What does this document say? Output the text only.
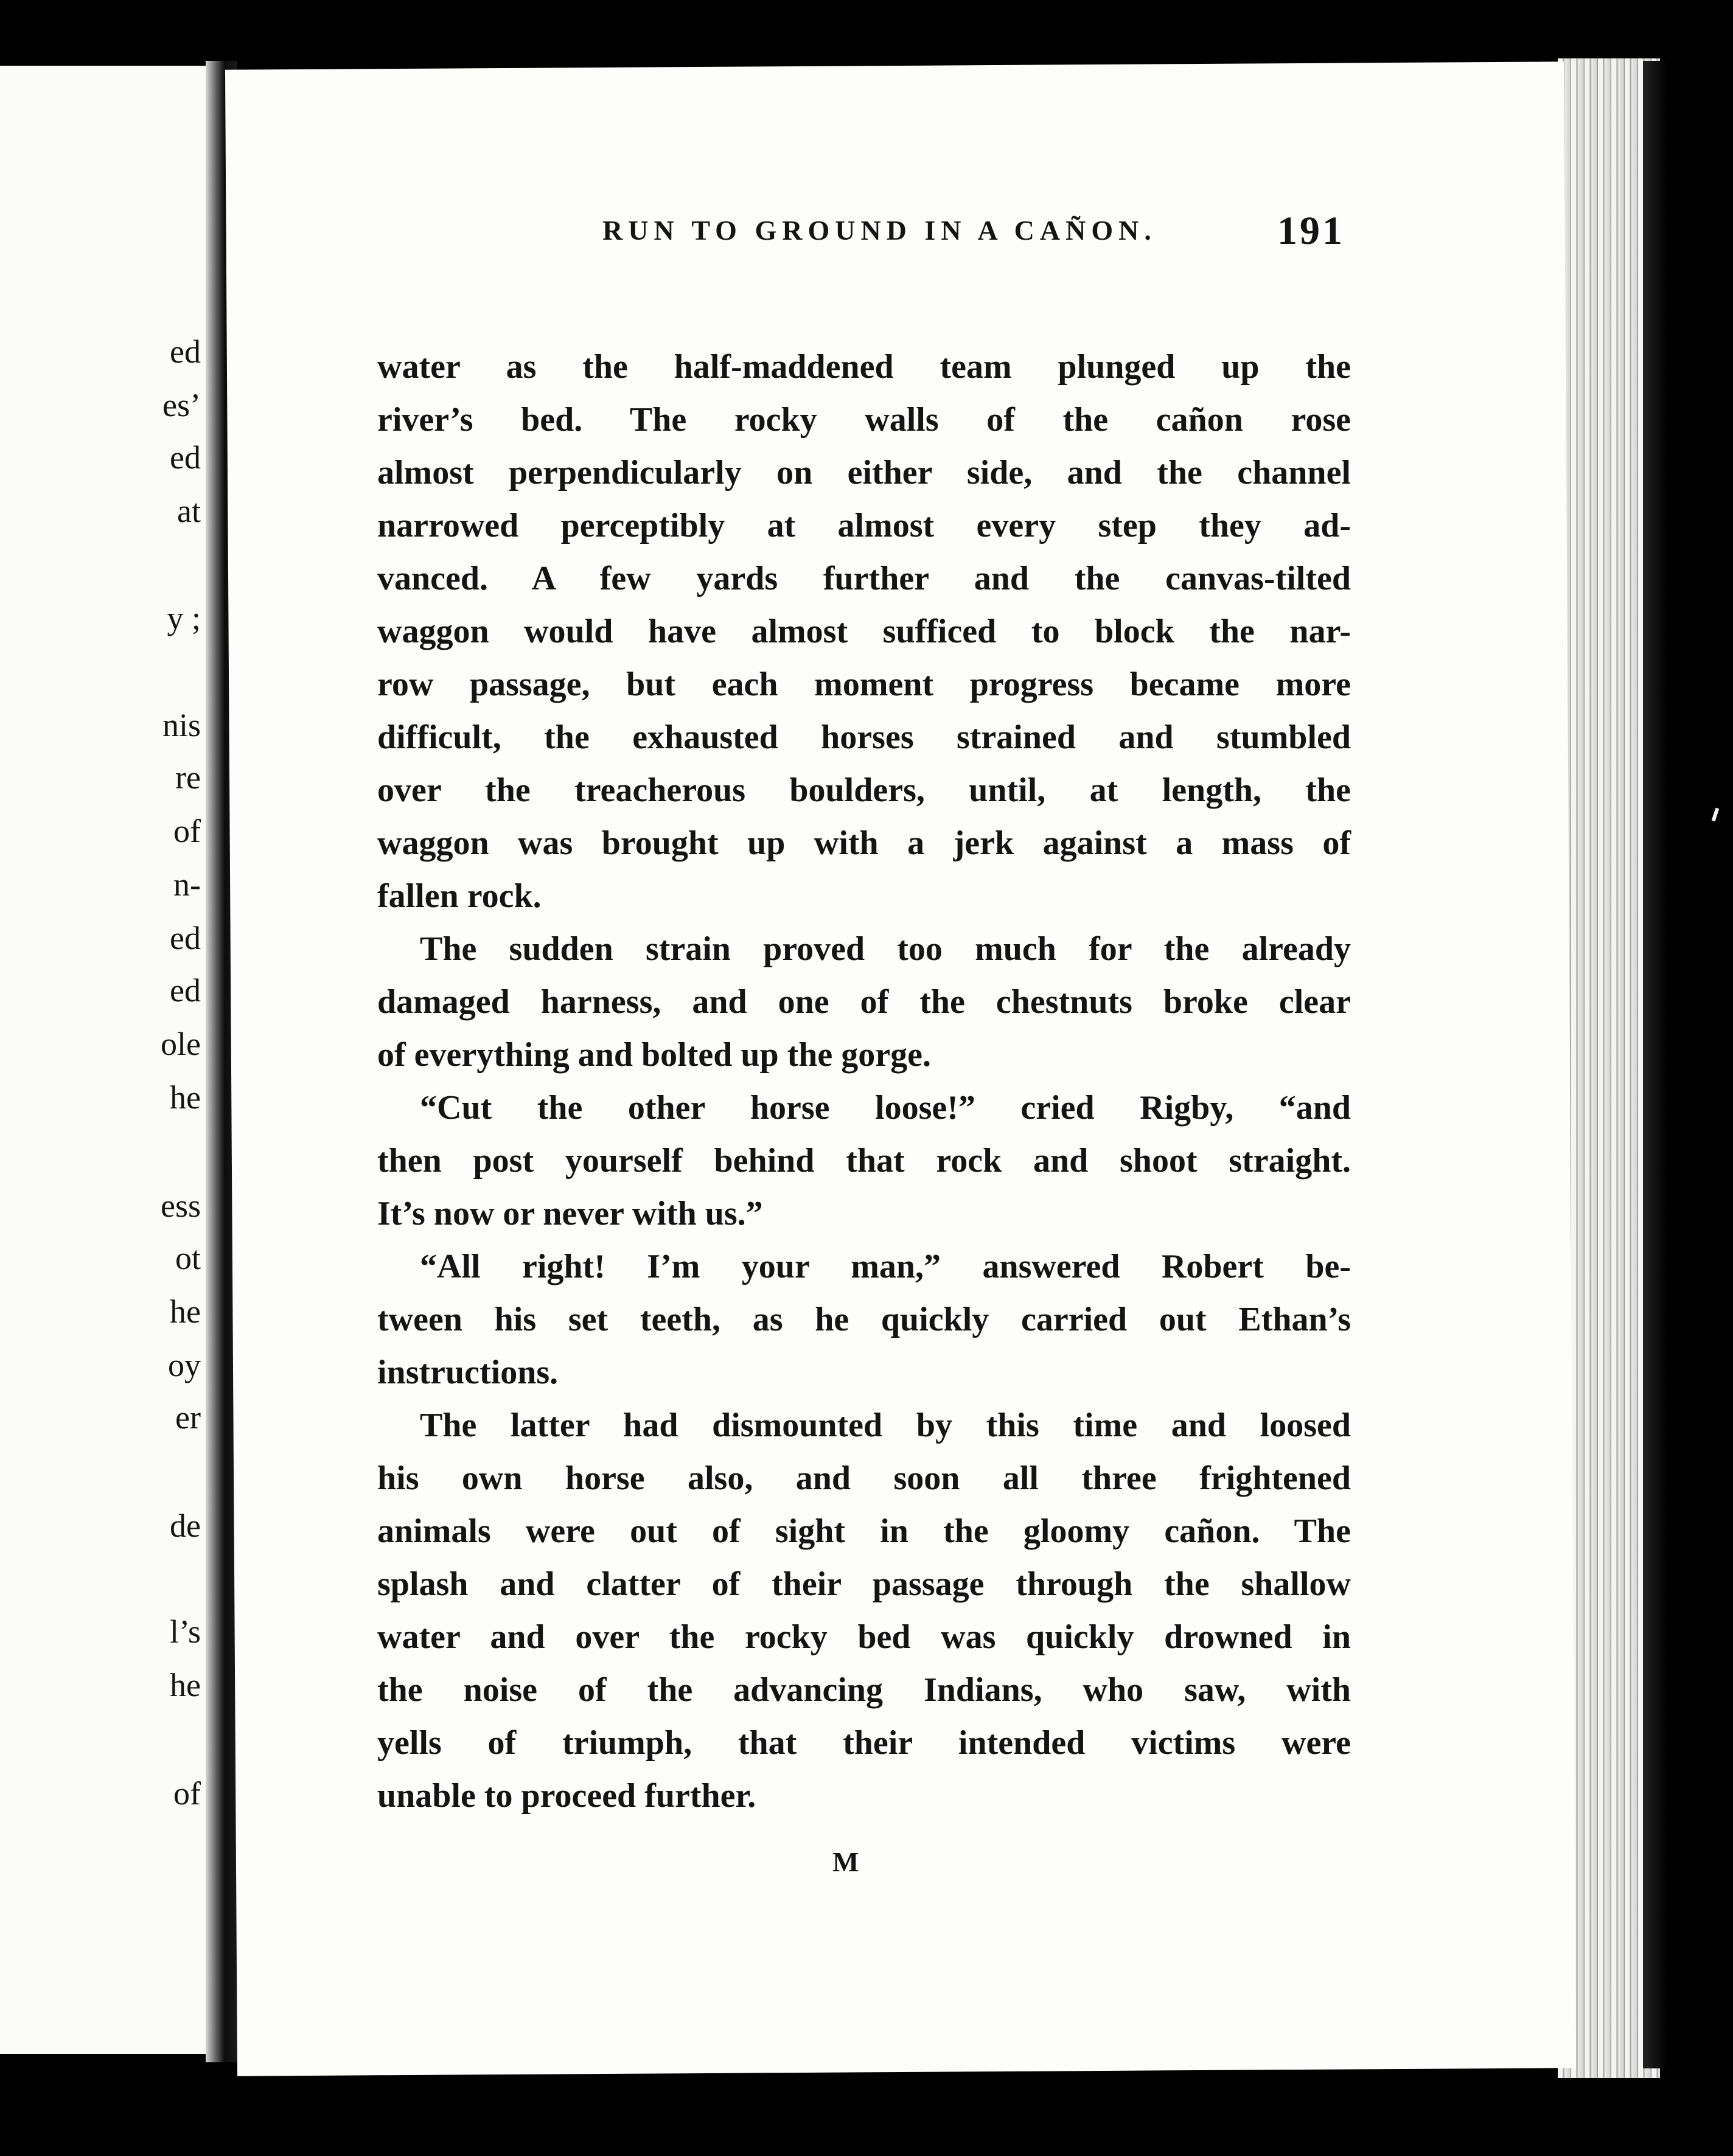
ed
es’
ed
at
y ;
nis
re
of
n-
ed
ed
ole
he
ess
ot
he
oy
er
de
l’s
he
of
RUN TO GROUND IN A CAÑON.	191
water as the half-maddened team plunged up the
river’s bed. The rocky walls of the cañon rose
almost perpendicularly on either side, and the channel
narrowed perceptibly at almost every step they ad-
vanced. A few yards further and the canvas-tilted
waggon would have almost sufficed to block the nar-
row passage, but each moment progress became more
difficult, the exhausted horses strained and stumbled
over the treacherous boulders, until, at length, the
waggon was brought up with a jerk against a mass of
fallen rock.
The sudden strain proved too much for the already
damaged harness, and one of the chestnuts broke clear
of everything and bolted up the gorge.
“Cut the other horse loose!” cried Rigby, “and
then post yourself behind that rock and shoot straight.
It’s now or never with us.”
“All right! I’m your man,” answered Robert be-
tween his set teeth, as he quickly carried out Ethan’s
instructions.
The latter had dismounted by this time and loosed
his own horse also, and soon all three frightened
animals were out of sight in the gloomy cañon. The
splash and clatter of their passage through the shallow
water and over the rocky bed was quickly drowned in
the noise of the advancing Indians, who saw, with
yells of triumph, that their intended victims were
unable to proceed further.
M
